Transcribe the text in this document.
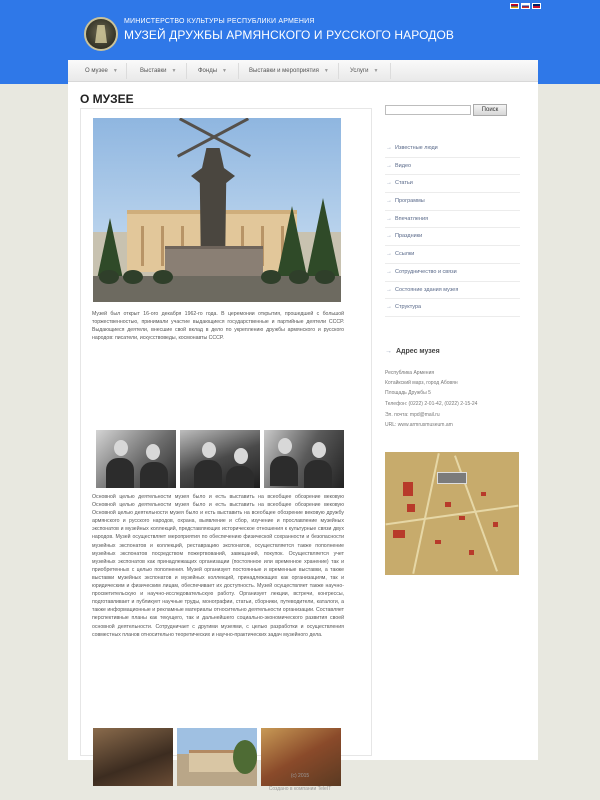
МИНИСТЕРСТВО КУЛЬТУРЫ РЕСПУБЛИКИ АРМЕНИЯ
МУЗЕЙ ДРУЖБЫ АРМЯНСКОГО И РУССКОГО НАРОДОВ
О музее ▼	Выставки ▼	Фонды ▼	Выставки и мероприятия ▼	Услуги ▼
О МУЗЕЕ
Музей был открыт 16-ого декабря 1962-го года. В церемонии открытия, прошедшей с большой торжественностью, принимали участие выдающиеся государственные и партийные деятели СССР. Выдающиеся деятели, внесшие свой вклад в дело по укреплению дружбы армянского и русского народов: писатели, искусствоведы, космонавты СССР.
Основной целью деятельности музея было и есть выставить на всеобщее обозрение вековую Основной целью деятельности музея было и есть выставить на всеобщее обозрение вековую Основной целью деятельности музея было и есть выставить на всеобщее обозрение вековую дружбу армянского и русского народов, охрана, выявление и сбор, изучение и прославление музейных экспонатов и музейных коллекций, представляющих историческое отношения к культурные связи двух народов. Музей осуществляет мероприятия по обеспечению физической сохранности и безопасности музейных экспонатов и коллекций, реставрацию экспонатов, осуществляется также пополнение музейных экспонатов посредством пожертвований, завещаний, покупок. Осуществляется учет музейных экспонатов как принадлежащих организации (постоянное или временное хранение) так и приобретенных с целью пополнения. Музей организует постоянные и временные выставки, а также выставки музейных экспонатов и музейных коллекций, принадлежащих как организациям, так и юридическим и физическим лицам, обеспечивает их доступность. Музей осуществляет также научно-просветительскую и научно-исследовательскую работу. Организует лекции, встречи, конгрессы, подготавливает и публикует научные труды, монографии, статьи, сборники, путеводители, каталоги, а также информационные и рекламные материалы относительно деятельности организации. Составляет перспективные планы как текущего, так и дальнейшего социально-экономического развития своей основной деятельности. Сотрудничает с другими музеями, с целью разработки и осуществления совместных планов относительно теоретических и научно-практических задач музейного дела.
Поиск
→ Известные люди
→ Видео
→ Статьи
→ Программы
→ Впечатления
→ Праздники
→ Ссылки
→ Сотрудничество и связи
→ Состояние здания музея
→ Структура
→ Адрес музея
Республика Армения
Котайкский марз, город Абовян
Площадь Дружбы 5
Телефон: (0222) 2-01-42, (0222) 2-15-24
Эл. почта: mpd@mail.ru
URL: www.armrusmuseum.am
(c) 2015
Создано в компании TeleIT
